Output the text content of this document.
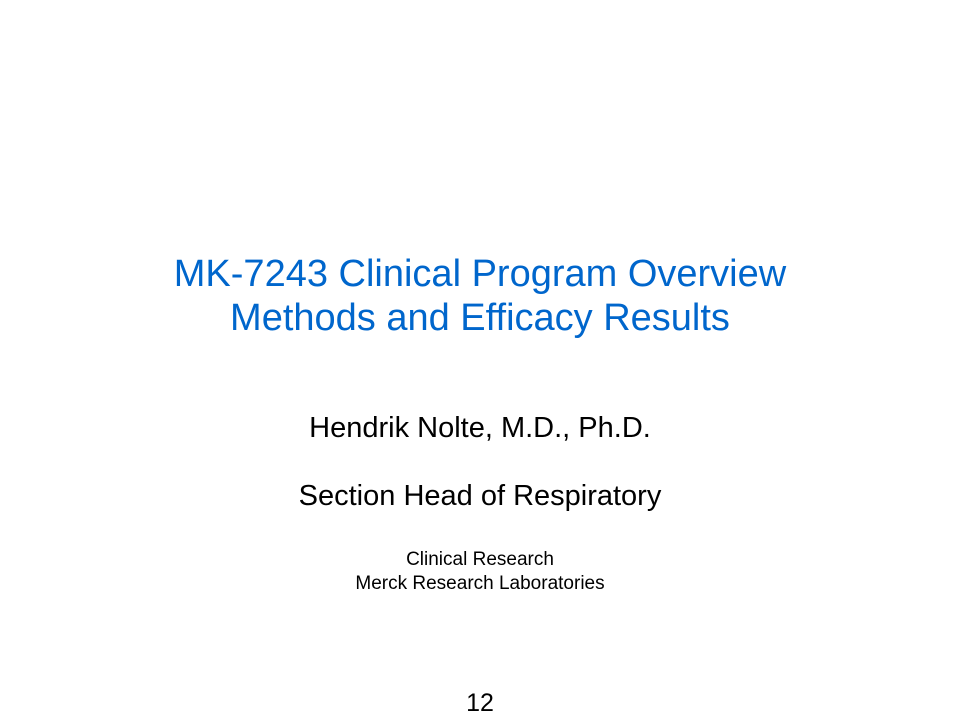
MK-7243 Clinical Program Overview
Methods and Efficacy Results
Hendrik Nolte, M.D., Ph.D.
Section Head of Respiratory
Clinical Research
Merck Research Laboratories
12
